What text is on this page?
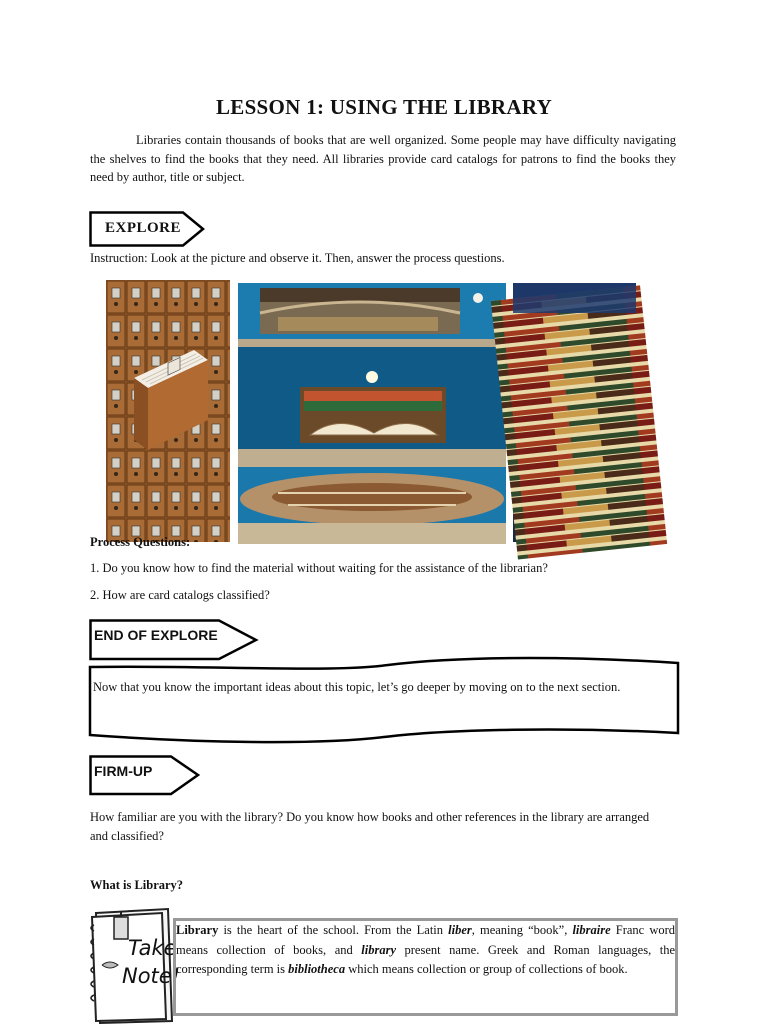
LESSON 1: USING THE LIBRARY
Libraries contain thousands of books that are well organized. Some people may have difficulty navigating the shelves to find the books that they need. All libraries provide card catalogs for patrons to find the books they need by author, title or subject.
EXPLORE
Instruction: Look at the picture and observe it. Then, answer the process questions.
Process Questions:
1. Do you know how to find the material without waiting for the assistance of the librarian?
2. How are card catalogs classified?
END OF EXPLORE
Now that you know the important ideas about this topic, let’s go deeper by moving on to the next section.
FIRM-UP
How familiar are you with the library? Do you know how books and other references in the library are arranged and classified?
What is Library?
Take
Note!
Library is the heart of the school. From the Latin liber, meaning “book”, libraire Franc word means collection of books, and library present name. Greek and Roman languages, the corresponding term is bibliotheca which means collection or group of collections of book.
